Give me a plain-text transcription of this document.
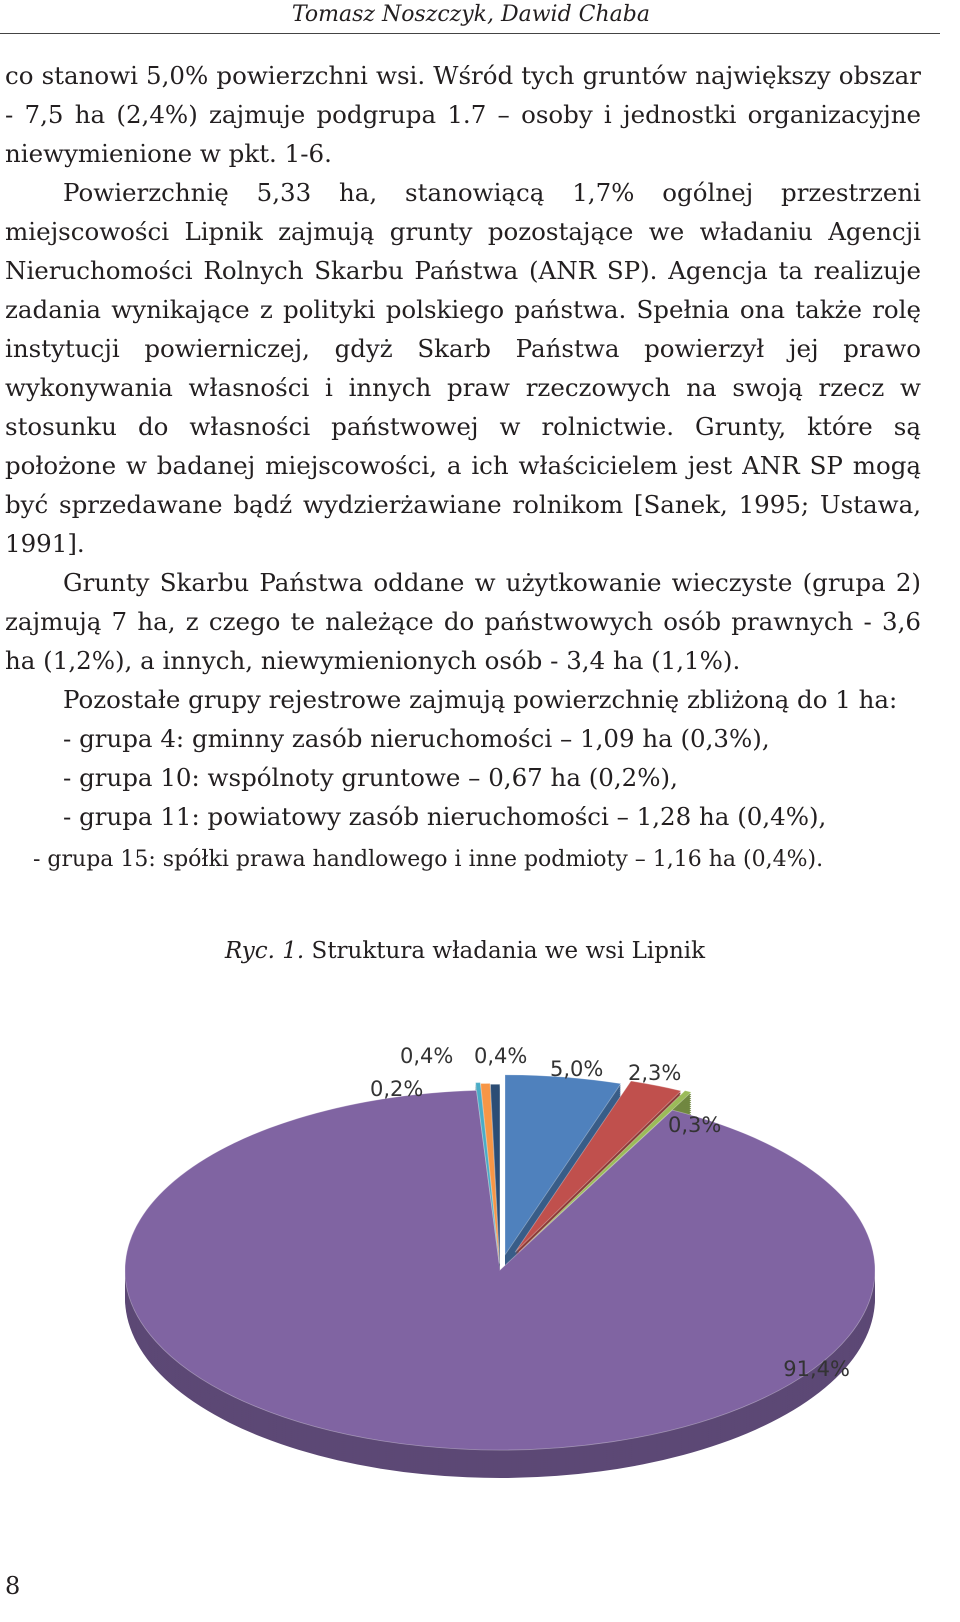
Tomasz Noszczyk, Dawid Chaba

co stanowi 5,0% powierzchni wsi. Wśród tych gruntów największy obszar - 7,5 ha (2,4%) zajmuje podgrupa 1.7 – osoby i jednostki organizacyjne niewymienione w pkt. 1-6.

Powierzchnię 5,33 ha, stanowiącą 1,7% ogólnej przestrzeni miejscowości Lipnik zajmują grunty pozostające we władaniu Agencji Nieruchomości Rolnych Skarbu Państwa (ANR SP). Agencja ta realizuje zadania wynikające z polityki polskiego państwa. Spełnia ona także rolę instytucji powierniczej, gdyż Skarb Państwa powierzył jej prawo wykonywania własności i innych praw rzeczowych na swoją rzecz w stosunku do własności państwowej w rolnictwie. Grunty, które są położone w badanej miejscowości, a ich właścicielem jest ANR SP mogą być sprzedawane bądź wydzierżawiane rolnikom [Sanek, 1995; Ustawa, 1991].

Grunty Skarbu Państwa oddane w użytkowanie wieczyste (grupa 2) zajmują 7 ha, z czego te należące do państwowych osób prawnych - 3,6 ha (1,2%), a innych, niewymienionych osób - 3,4 ha (1,1%).

Pozostałe grupy rejestrowe zajmują powierzchnię zbliżoną do 1 ha:

- grupa 4: gminny zasób nieruchomości – 1,09 ha (0,3%),

- grupa 10: wspólnoty gruntowe – 0,67 ha (0,2%),

- grupa 11: powiatowy zasób nieruchomości – 1,28 ha (0,4%),

- grupa 15: spółki prawa handlowego i inne podmioty – 1,16 ha (0,4%).

Ryc. 1. Struktura władania we wsi Lipnik
5,0% 2,3%
0,3%
91,4%
0,2%
0,4% 0,4%
8
